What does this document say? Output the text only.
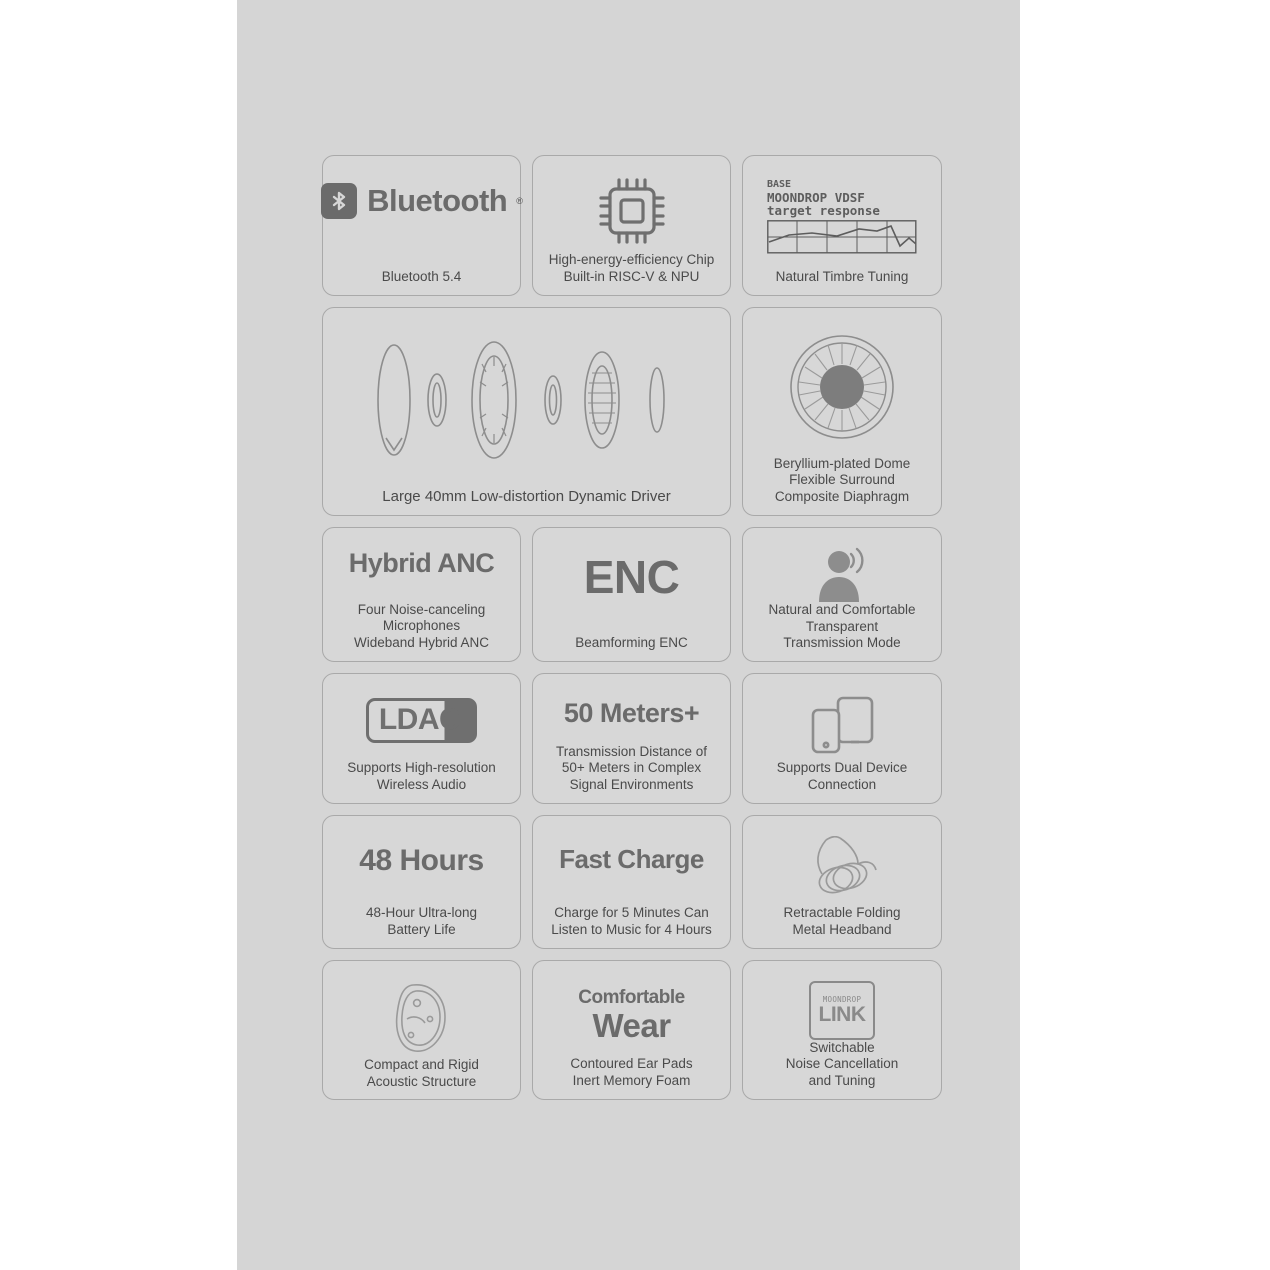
Bluetooth ®
Bluetooth 5.4
High-energy-efficiency Chip
Built-in RISC-V & NPU
BASE
MOONDROP VDSF
target response
Natural Timbre Tuning
Large 40mm Low-distortion Dynamic Driver
Beryllium-plated Dome
Flexible Surround
Composite Diaphragm
Hybrid ANC
Four Noise-canceling
Microphones
Wideband Hybrid ANC
ENC
Beamforming ENC
Natural and Comfortable
Transparent
Transmission Mode
LDAC
Supports High-resolution
Wireless Audio
50 Meters+
Transmission Distance of
50+ Meters in Complex
Signal Environments
Supports Dual Device
Connection
48 Hours
48-Hour Ultra-long
Battery Life
Fast Charge
Charge for 5 Minutes Can
Listen to Music for 4 Hours
Retractable Folding
Metal Headband
Compact and Rigid
Acoustic Structure
Comfortable
Wear
Contoured Ear Pads
Inert Memory Foam
MOONDROP
LINK
Switchable
Noise Cancellation
and Tuning
